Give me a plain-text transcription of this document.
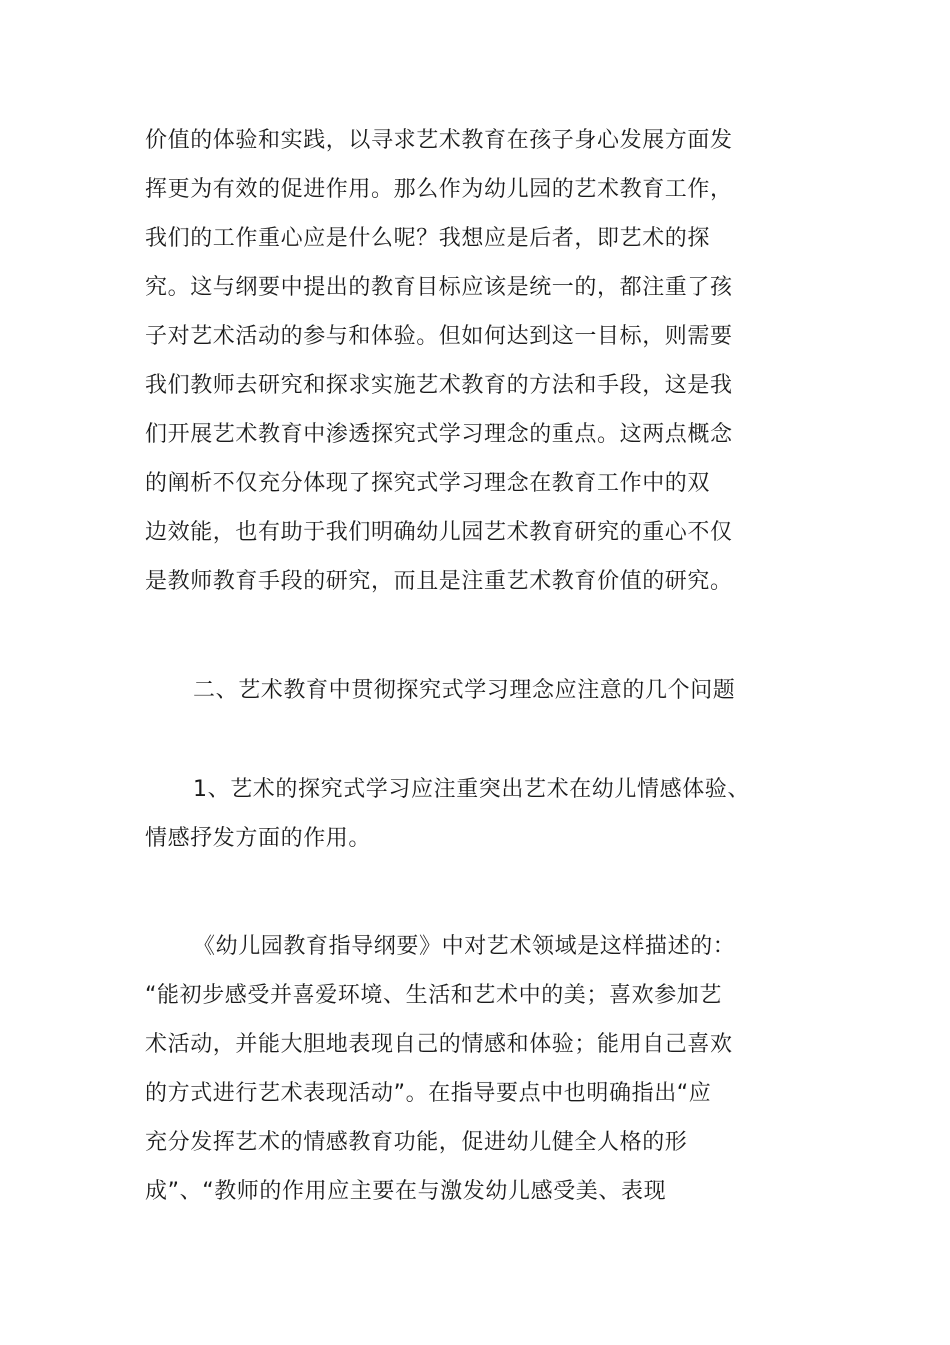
价值的体验和实践，以寻求艺术教育在孩子身心发展方面发
挥更为有效的促进作用。那么作为幼儿园的艺术教育工作，
我们的工作重心应是什么呢？我想应是后者，即艺术的探
究。这与纲要中提出的教育目标应该是统一的，都注重了孩
子对艺术活动的参与和体验。但如何达到这一目标，则需要
我们教师去研究和探求实施艺术教育的方法和手段，这是我
们开展艺术教育中渗透探究式学习理念的重点。这两点概念
的阐析不仅充分体现了探究式学习理念在教育工作中的双
边效能，也有助于我们明确幼儿园艺术教育研究的重心不仅
是教师教育手段的研究，而且是注重艺术教育价值的研究。
二、艺术教育中贯彻探究式学习理念应注意的几个问题
1、艺术的探究式学习应注重突出艺术在幼儿情感体验、
情感抒发方面的作用。
《幼儿园教育指导纲要》中对艺术领域是这样描述的：
“能初步感受并喜爱环境、生活和艺术中的美；喜欢参加艺
术活动，并能大胆地表现自己的情感和体验；能用自己喜欢
的方式进行艺术表现活动”。在指导要点中也明确指出“应
充分发挥艺术的情感教育功能，促进幼儿健全人格的形
成”、“教师的作用应主要在与激发幼儿感受美、表现
